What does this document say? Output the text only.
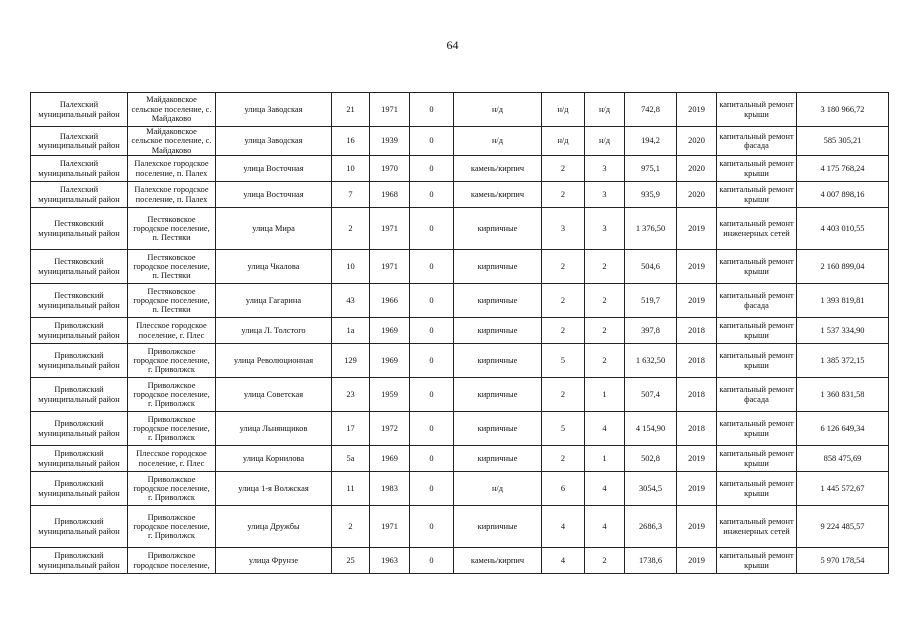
64
Палехский муниципальный район	Майдаковское сельское поселение, с. Майдаково	улица Заводская	21	1971	0	н/д	н/д	н/д	742,8	2019	капитальный ремонт крыши	3 180 966,72
Палехский муниципальный район	Майдаковское сельское поселение, с. Майдаково	улица Заводская	16	1939	0	н/д	н/д	н/д	194,2	2020	капитальный ремонт фасада	585 305,21
Палехский муниципальный район	Палехское городское поселение, п. Палех	улица Восточная	10	1970	0	камень/кирпич	2	3	975,1	2020	капитальный ремонт крыши	4 175 768,24
Палехский муниципальный район	Палехское городское поселение, п. Палех	улица Восточная	7	1968	0	камень/кирпич	2	3	935,9	2020	капитальный ремонт крыши	4 007 898,16
Пестяковский муниципальный район	Пестяковское городское поселение, п. Пестяки	улица Мира	2	1971	0	кирпичные	3	3	1 376,50	2019	капитальный ремонт инженерных сетей	4 403 010,55
Пестяковский муниципальный район	Пестяковское городское поселение, п. Пестяки	улица Чкалова	10	1971	0	кирпичные	2	2	504,6	2019	капитальный ремонт крыши	2 160 899,04
Пестяковский муниципальный район	Пестяковское городское поселение, п. Пестяки	улица Гагарина	43	1966	0	кирпичные	2	2	519,7	2019	капитальный ремонт фасада	1 393 819,81
Приволжский муниципальный район	Плесское городское поселение, г. Плес	улица Л. Толстого	1а	1969	0	кирпичные	2	2	397,8	2018	капитальный ремонт крыши	1 537 334,90
Приволжский муниципальный район	Приволжское городское поселение, г. Приволжск	улица Революционная	129	1969	0	кирпичные	5	2	1 632,50	2018	капитальный ремонт крыши	1 385 372,15
Приволжский муниципальный район	Приволжское городское поселение, г. Приволжск	улица Советская	23	1959	0	кирпичные	2	1	507,4	2018	капитальный ремонт фасада	1 360 831,58
Приволжский муниципальный район	Приволжское городское поселение, г. Приволжск	улица Льнянщиков	17	1972	0	кирпичные	5	4	4 154,90	2018	капитальный ремонт крыши	6 126 649,34
Приволжский муниципальный район	Плесское городское поселение, г. Плес	улица Корнилова	5а	1969	0	кирпичные	2	1	502,8	2019	капитальный ремонт крыши	858 475,69
Приволжский муниципальный район	Приволжское городское поселение, г. Приволжск	улица 1-я Волжская	11	1983	0	н/д	6	4	3054,5	2019	капитальный ремонт крыши	1 445 572,67
Приволжский муниципальный район	Приволжское городское поселение, г. Приволжск	улица Дружбы	2	1971	0	кирпичные	4	4	2686,3	2019	капитальный ремонт инженерных сетей	9 224 485,57
Приволжский муниципальный район	Приволжское городское поселение,	улица Фрунзе	25	1963	0	камень/кирпич	4	2	1738,6	2019	капитальный ремонт крыши	5 970 178,54
